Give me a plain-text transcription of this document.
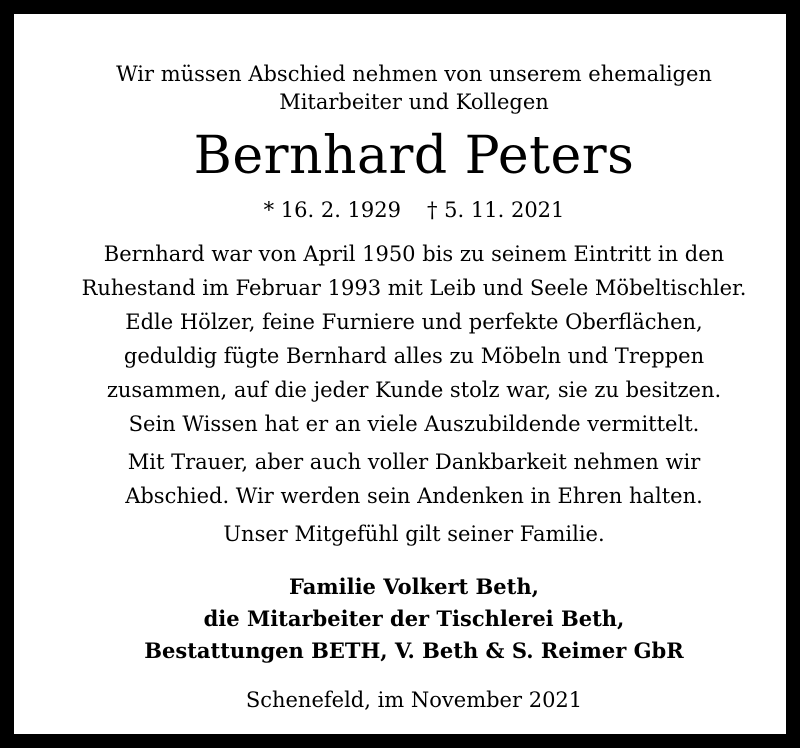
Wir müssen Abschied nehmen von unserem ehemaligen
Mitarbeiter und Kollegen
Bernhard Peters
* 16. 2. 1929 † 5. 11. 2021
Bernhard war von April 1950 bis zu seinem Eintritt in den
Ruhestand im Februar 1993 mit Leib und Seele Möbeltischler.
Edle Hölzer, feine Furniere und perfekte Oberflächen,
geduldig fügte Bernhard alles zu Möbeln und Treppen
zusammen, auf die jeder Kunde stolz war, sie zu besitzen.
Sein Wissen hat er an viele Auszubildende vermittelt.
Mit Trauer, aber auch voller Dankbarkeit nehmen wir
Abschied. Wir werden sein Andenken in Ehren halten.
Unser Mitgefühl gilt seiner Familie.
Familie Volkert Beth,
die Mitarbeiter der Tischlerei Beth,
Bestattungen BETH, V. Beth & S. Reimer GbR
Schenefeld, im November 2021
